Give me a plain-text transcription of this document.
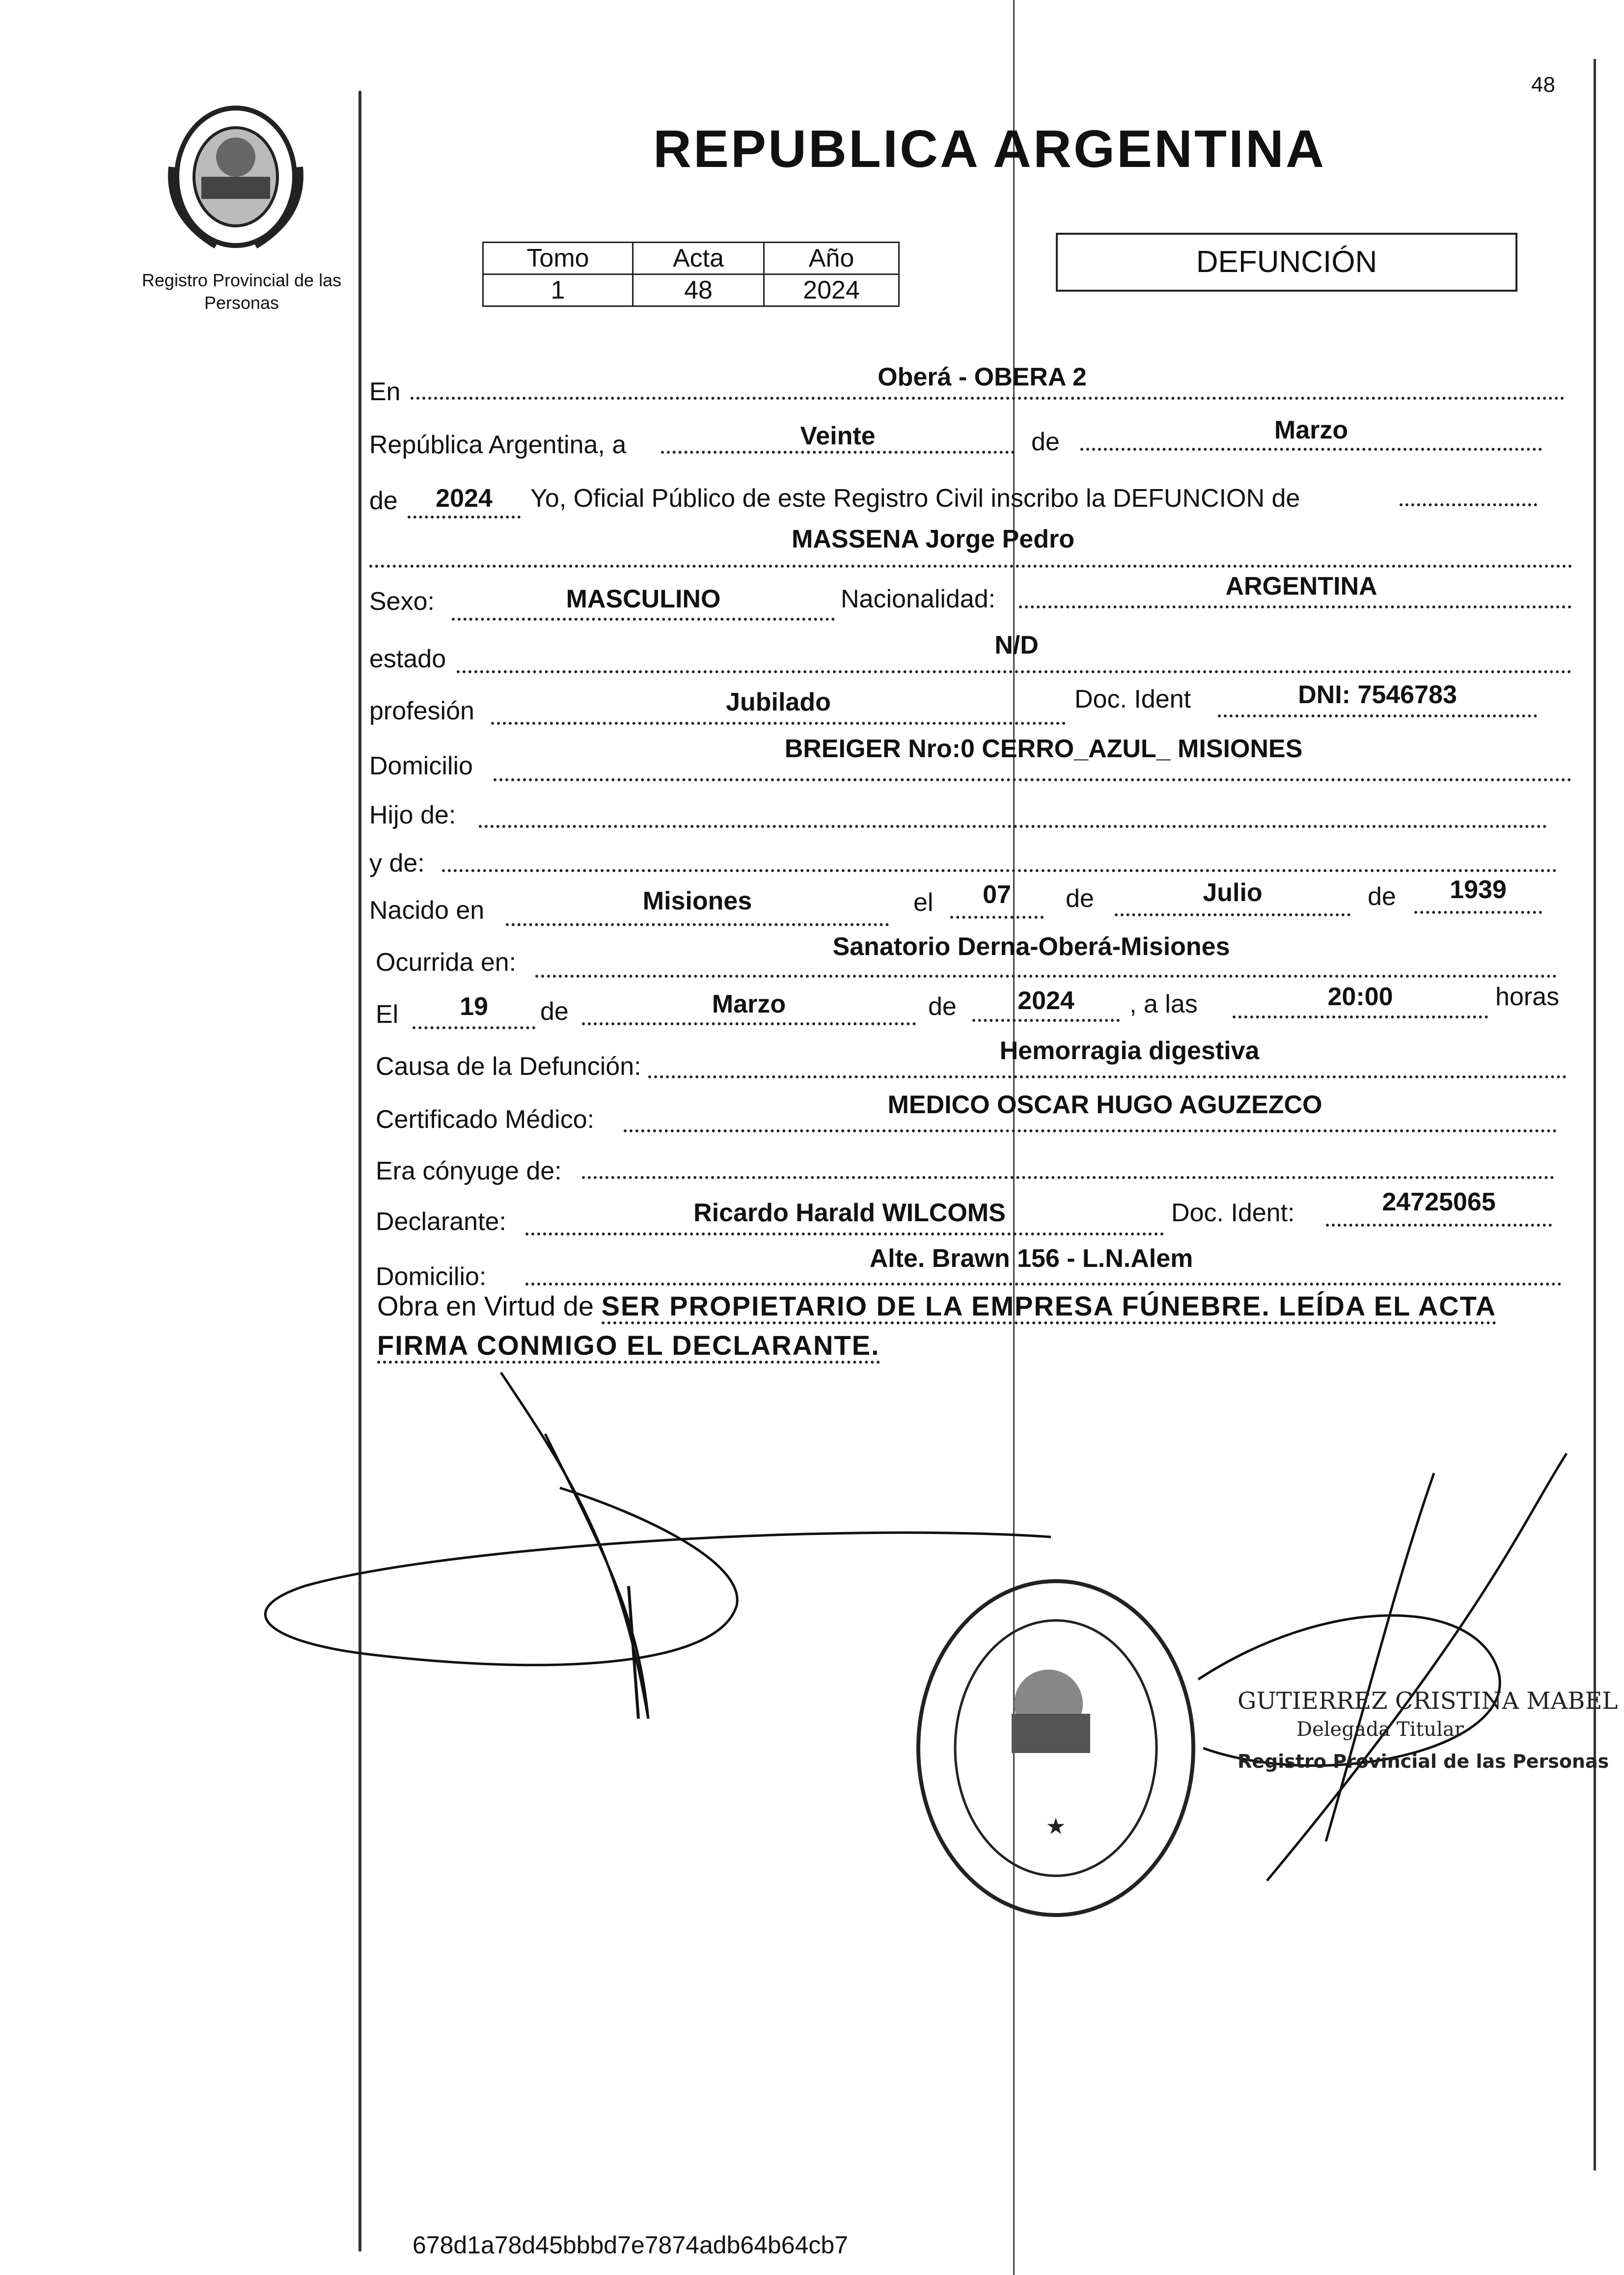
48
Registro Provincial de las Personas
REPUBLICA ARGENTINA
Tomo	Acta	Año
1	48	2024
DEFUNCIÓN
En
Oberá - OBERA 2
República Argentina, a	Veinte	de	Marzo
de	2024	Yo, Oficial Público de este Registro Civil inscribo la DEFUNCION de
MASSENA Jorge Pedro
Sexo:	MASCULINO	Nacionalidad:	ARGENTINA
estado	N/D
profesión	Jubilado	Doc. Ident	DNI: 7546783
Domicilio
BREIGER Nro:0 CERRO_AZUL_ MISIONES
Hijo de:
y de:
Nacido en	Misiones	el	07	de	Julio	de	1939
Ocurrida en:
Sanatorio Derna-Oberá-Misiones
El	19	de	Marzo	de	2024	, a las	20:00	horas
Causa de la Defunción:
Hemorragia digestiva
Certificado Médico:
MEDICO OSCAR HUGO AGUZEZCO
Era cónyuge de:
Declarante:	Ricardo Harald WILCOMS	Doc. Ident:	24725065
Domicilio:
Alte. Brawn 156 - L.N.Alem
Obra en Virtud de SER PROPIETARIO DE LA EMPRESA FÚNEBRE. LEÍDA EL ACTA FIRMA CONMIGO EL DECLARANTE.
★
GUTIERREZ CRISTINA MABEL
Delegada Titular
Registro Provincial de las Personas
678d1a78d45bbbd7e7874adb64b64cb7
